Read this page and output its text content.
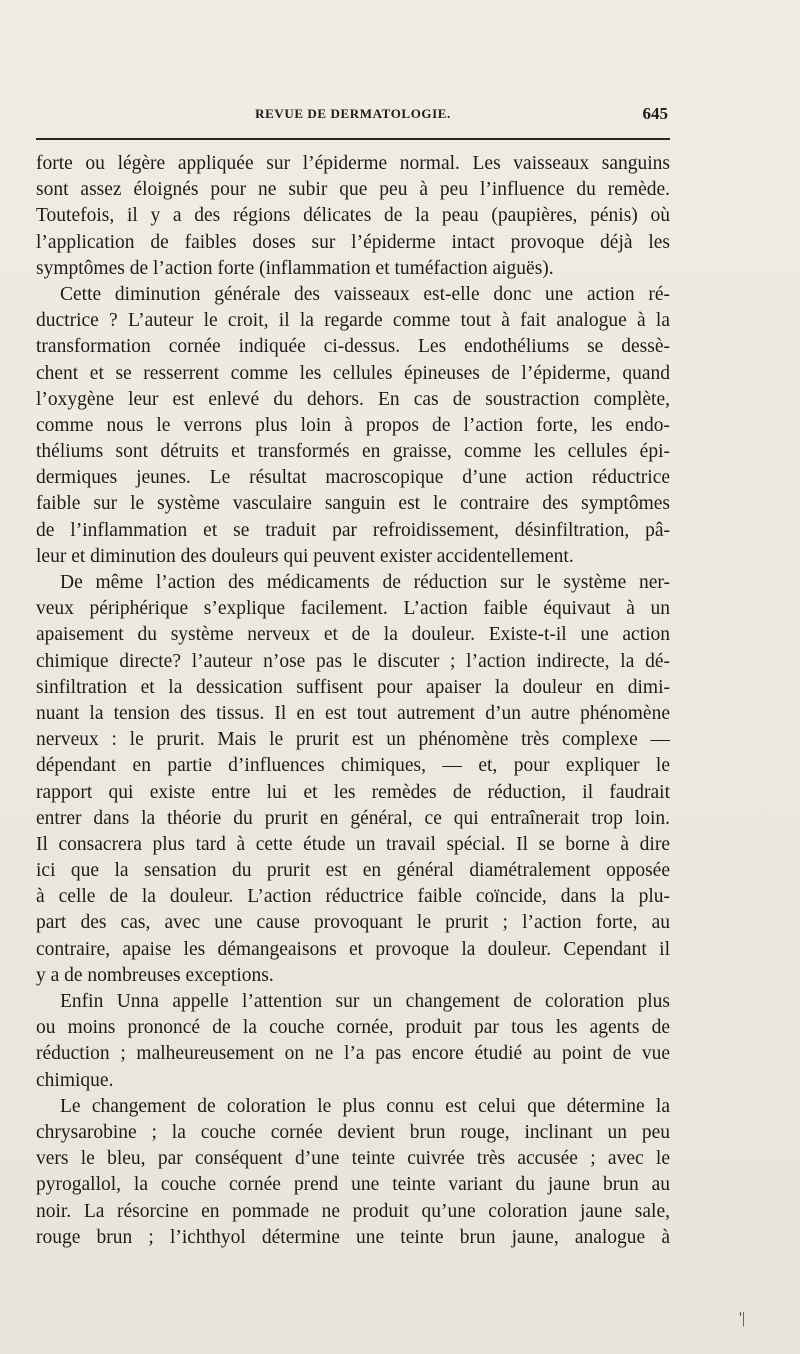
REVUE DE DERMATOLOGIE.	645
forte ou légère appliquée sur l’épiderme normal. Les vaisseaux sanguins
sont assez éloignés pour ne subir que peu à peu l’influence du remède.
Toutefois, il y a des régions délicates de la peau (paupières, pénis) où
l’application de faibles doses sur l’épiderme intact provoque déjà les
symptômes de l’action forte (inflammation et tuméfaction aiguës).
Cette diminution générale des vaisseaux est-elle donc une action ré-
ductrice ? L’auteur le croit, il la regarde comme tout à fait analogue à la
transformation cornée indiquée ci-dessus. Les endothéliums se dessè-
chent et se resserrent comme les cellules épineuses de l’épiderme, quand
l’oxygène leur est enlevé du dehors. En cas de soustraction complète,
comme nous le verrons plus loin à propos de l’action forte, les endo-
théliums sont détruits et transformés en graisse, comme les cellules épi-
dermiques jeunes. Le résultat macroscopique d’une action réductrice
faible sur le système vasculaire sanguin est le contraire des symptômes
de l’inflammation et se traduit par refroidissement, désinfiltration, pâ-
leur et diminution des douleurs qui peuvent exister accidentellement.
De même l’action des médicaments de réduction sur le système ner-
veux périphérique s’explique facilement. L’action faible équivaut à un
apaisement du système nerveux et de la douleur. Existe-t-il une action
chimique directe? l’auteur n’ose pas le discuter ; l’action indirecte, la dé-
sinfiltration et la dessication suffisent pour apaiser la douleur en dimi-
nuant la tension des tissus. Il en est tout autrement d’un autre phénomène
nerveux : le prurit. Mais le prurit est un phénomène très complexe —
dépendant en partie d’influences chimiques, — et, pour expliquer le
rapport qui existe entre lui et les remèdes de réduction, il faudrait
entrer dans la théorie du prurit en général, ce qui entraînerait trop loin.
Il consacrera plus tard à cette étude un travail spécial. Il se borne à dire
ici que la sensation du prurit est en général diamétralement opposée
à celle de la douleur. L’action réductrice faible coïncide, dans la plu-
part des cas, avec une cause provoquant le prurit ; l’action forte, au
contraire, apaise les démangeaisons et provoque la douleur. Cependant il
y a de nombreuses exceptions.
Enfin Unna appelle l’attention sur un changement de coloration plus
ou moins prononcé de la couche cornée, produit par tous les agents de
réduction ; malheureusement on ne l’a pas encore étudié au point de vue
chimique.
Le changement de coloration le plus connu est celui que détermine la
chrysarobine ; la couche cornée devient brun rouge, inclinant un peu
vers le bleu, par conséquent d’une teinte cuivrée très accusée ; avec le
pyrogallol, la couche cornée prend une teinte variant du jaune brun au
noir. La résorcine en pommade ne produit qu’une coloration jaune sale,
rouge brun ; l’ichthyol détermine une teinte brun jaune, analogue à
'|
